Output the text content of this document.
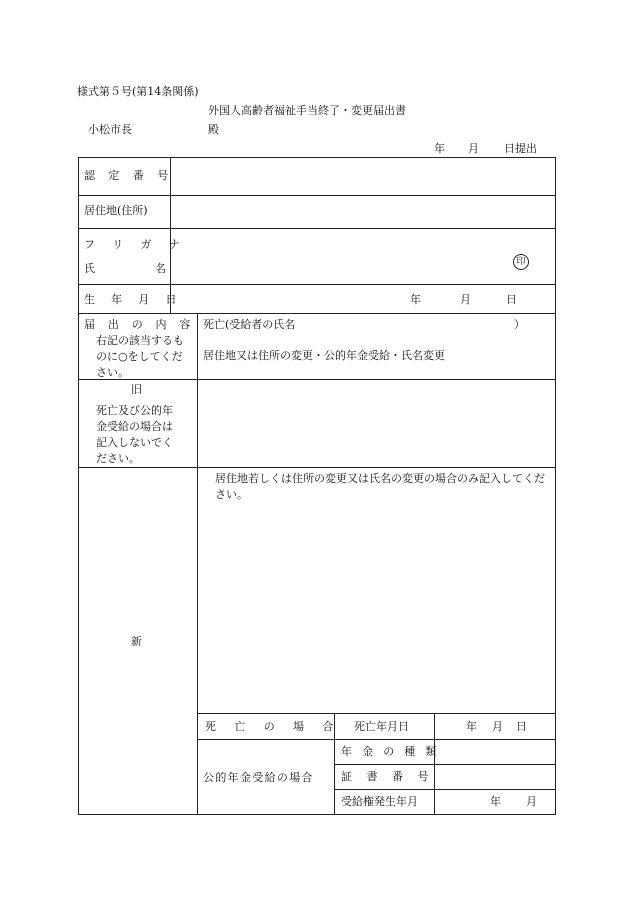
様式第５号(第14条関係)
外国人高齢者福祉手当終了・変更届出書
小松市長	殿
年 月 日提出
認 定 番 号
居住地(住所)
フ リ ガ ナ
氏	名	印
生 年 月 日	年	月	日
届 出 の 内 容
右記の該当するものに○をしてください。
死亡(受給者の氏名	）
居住地又は住所の変更・公的年金受給・氏名変更
旧
死亡及び公的年金受給の場合は記入しないでください。
新
居住地若しくは住所の変更又は氏名の変更の場合のみ記入してください。
死 亡 の 場 合 死亡年月日	年 月 日
公的年金受給の場合
年 金 の 種 類
証 書 番 号
受給権発生年月	年 月
